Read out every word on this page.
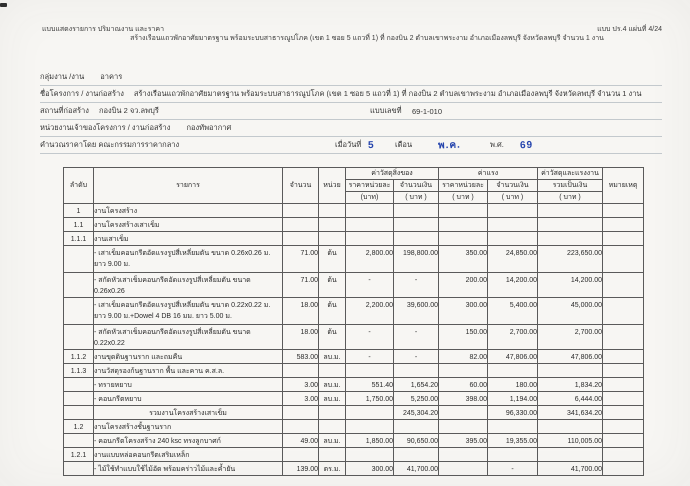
แบบแสดงรายการ ปริมาณงาน และราคา	แบบ ปร.4 แผ่นที่ 4/24
สร้างเรือนแถวพักอาศัยมาตรฐาน พร้อมระบบสาธารณูปโภค (เขต 1 ซอย 5 แถวที่ 1) ที่ กองบิน 2 ตำบลเขาพระงาม อำเภอเมืองลพบุรี จังหวัดลพบุรี จำนวน 1 งาน
กลุ่มงาน /งาน อาคาร
ชื่อโครงการ / งานก่อสร้าง สร้างเรือนแถวพักอาศัยมาตรฐาน พร้อมระบบสาธารณูปโภค (เขต 1 ซอย 5 แถวที่ 1) ที่ กองบิน 2 ตำบลเขาพระงาม อำเภอเมืองลพบุรี จังหวัดลพบุรี จำนวน 1 งาน
สถานที่ก่อสร้าง กองบิน 2 จว.ลพบุรี	แบบเลขที่ 69-1-010
หน่วยงานเจ้าของโครงการ / งานก่อสร้าง กองทัพอากาศ
คำนวณราคาโดย คณะกรรมการราคากลาง	เมื่อวันที่ 5	เดือน	พ.ค.	พ.ศ. 69
ลำดับ	รายการ	จำนวน	หน่วย	ค่าวัสดุสิ่งของ		ค่าแรง		ค่าวัสดุและแรงงาน	หมายเหตุ
				ราคาหน่วยละ	จำนวนเงิน	ราคาหน่วยละ	จำนวนเงิน	รวมเป็นเงิน	
				(บาท)	( บาท )	( บาท )	( บาท )	( บาท )	
1	งานโครงสร้าง								
1.1	งานโครงสร้างเสาเข็ม								
1.1.1	งานเสาเข็ม								
	- เสาเข็มคอนกรีตอัดแรงรูปสี่เหลี่ยมตัน ขนาด 0.26x0.26 ม. ยาว 9.00 ม.	71.00	ต้น	2,800.00	198,800.00	350.00	24,850.00	223,650.00	
	- สกัดหัวเสาเข็มคอนกรีตอัดแรงรูปสี่เหลี่ยมตัน ขนาด 0.26x0.26	71.00	ต้น	-	-	200.00	14,200.00	14,200.00	
	- เสาเข็มคอนกรีตอัดแรงรูปสี่เหลี่ยมตัน ขนาด 0.22x0.22 ม. ยาว 9.00 ม.+Dowel 4 DB 16 มม. ยาว 5.00 ม.	18.00	ต้น	2,200.00	39,600.00	300.00	5,400.00	45,000.00	
	- สกัดหัวเสาเข็มคอนกรีตอัดแรงรูปสี่เหลี่ยมตัน ขนาด 0.22x0.22	18.00	ต้น	-	-	150.00	2,700.00	2,700.00	
1.1.2	งานขุดดินฐานราก และถมคืน	583.00	ลบ.ม.	-	-	82.00	47,806.00	47,806.00	
1.1.3	งานวัสดุรองก้นฐานราก พื้น และคาน ค.ส.ล.								
	- ทรายหยาบ	3.00	ลบ.ม.	551.40	1,654.20	60.00	180.00	1,834.20	
	- คอนกรีตหยาบ	3.00	ลบ.ม.	1,750.00	5,250.00	398.00	1,194.00	6,444.00	
	รวมงานโครงสร้างเสาเข็ม				245,304.20		96,330.00	341,634.20	
1.2	งานโครงสร้างชั้นฐานราก								
	- คอนกรีตโครงสร้าง 240 ksc ทรงลูกบาศก์	49.00	ลบ.ม.	1,850.00	90,650.00	395.00	19,355.00	110,005.00	
1.2.1	งานแบบหล่อคอนกรีตเสริมเหล็ก								
	- ไม้ใช้ทำแบบใช้ไม้อัด พร้อมคร่าวไม้และค้ำยัน	139.00	ตร.ม.	300.00	41,700.00		-	41,700.00	
